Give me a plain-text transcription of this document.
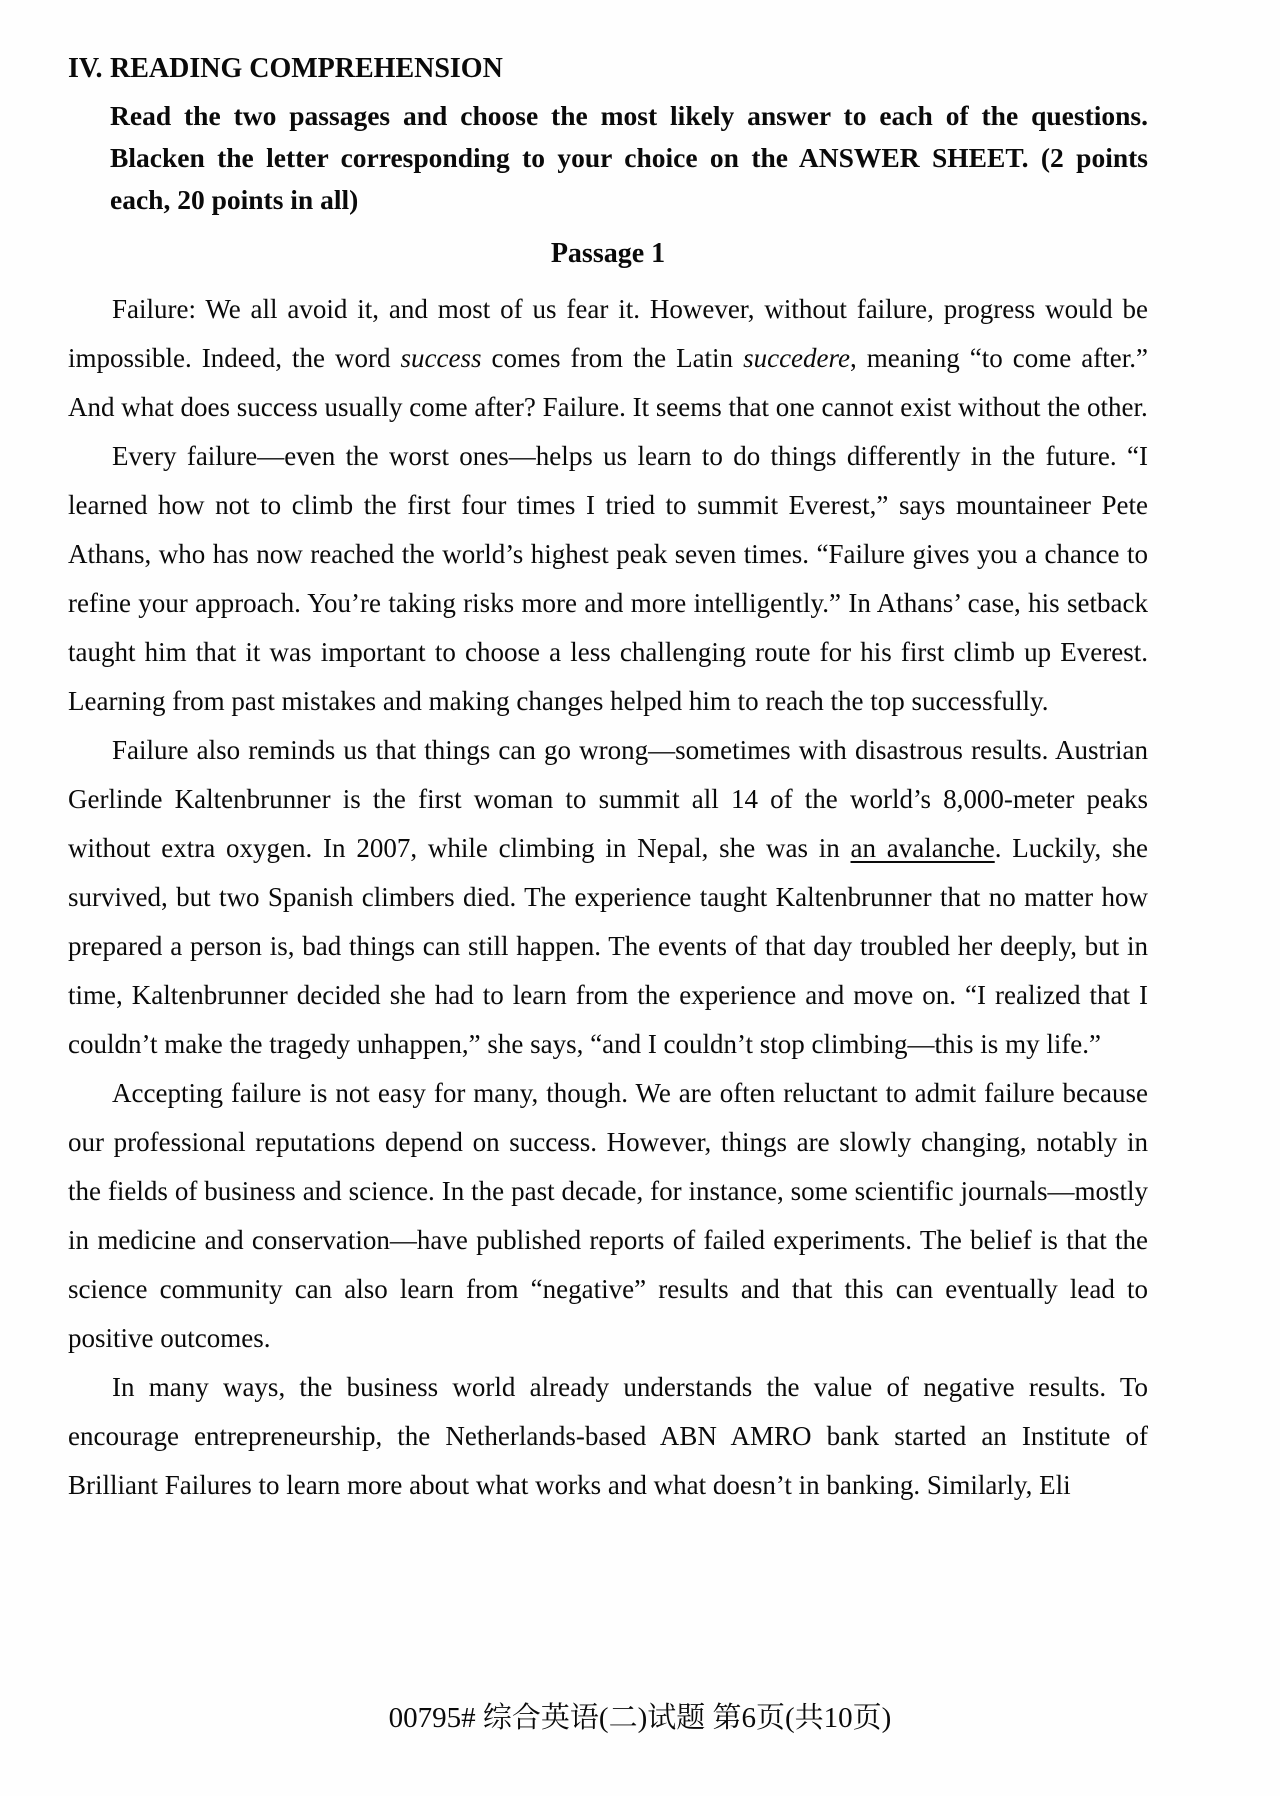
IV. READING COMPREHENSION
Read the two passages and choose the most likely answer to each of the questions. Blacken the letter corresponding to your choice on the ANSWER SHEET. (2 points each, 20 points in all)
Passage 1

Failure: We all avoid it, and most of us fear it. However, without failure, progress would be impossible. Indeed, the word success comes from the Latin succedere, meaning “to come after.” And what does success usually come after? Failure. It seems that one cannot exist without the other.

Every failure—even the worst ones—helps us learn to do things differently in the future. “I learned how not to climb the first four times I tried to summit Everest,” says mountaineer Pete Athans, who has now reached the world’s highest peak seven times. “Failure gives you a chance to refine your approach. You’re taking risks more and more intelligently.” In Athans’ case, his setback taught him that it was important to choose a less challenging route for his first climb up Everest. Learning from past mistakes and making changes helped him to reach the top successfully.

Failure also reminds us that things can go wrong—sometimes with disastrous results. Austrian Gerlinde Kaltenbrunner is the first woman to summit all 14 of the world’s 8,000-meter peaks without extra oxygen. In 2007, while climbing in Nepal, she was in an avalanche. Luckily, she survived, but two Spanish climbers died. The experience taught Kaltenbrunner that no matter how prepared a person is, bad things can still happen. The events of that day troubled her deeply, but in time, Kaltenbrunner decided she had to learn from the experience and move on. “I realized that I couldn’t make the tragedy unhappen,” she says, “and I couldn’t stop climbing—this is my life.”

Accepting failure is not easy for many, though. We are often reluctant to admit failure because our professional reputations depend on success. However, things are slowly changing, notably in the fields of business and science. In the past decade, for instance, some scientific journals—mostly in medicine and conservation—have published reports of failed experiments. The belief is that the science community can also learn from “negative” results and that this can eventually lead to positive outcomes.

In many ways, the business world already understands the value of negative results. To encourage entrepreneurship, the Netherlands-based ABN AMRO bank started an Institute of Brilliant Failures to learn more about what works and what doesn’t in banking. Similarly, Eli

00795# 综合英语(二)试题 第6页(共10页)
